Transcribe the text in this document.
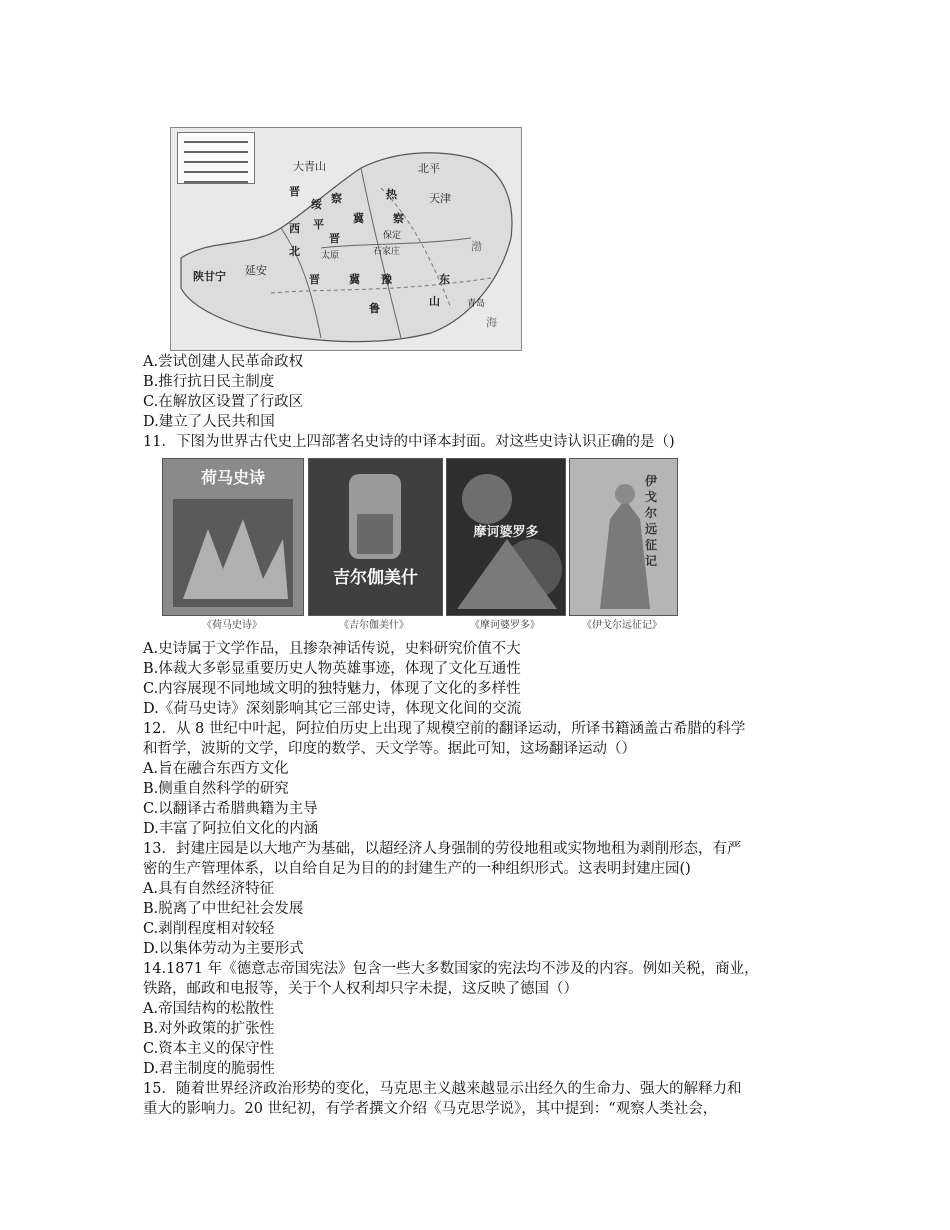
大青山
晋
绥 察	热
冀
西
北
平
晋
察
北平
天津
延安
陕甘宁	晋	冀
鲁
豫
山
东
青岛
太原	石家庄
保定
渤
海
A.尝试创建人民革命政权
B.推行抗日民主制度
C.在解放区设置了行政区
D.建立了人民共和国
11．下图为世界古代史上四部著名史诗的中译本封面。对这些史诗认识正确的是（)
荷马史诗
《荷马史诗》
吉尔伽美什
《吉尔伽美什》
摩诃婆罗多
《摩诃婆罗多》
伊戈尔远征记
《伊戈尔远征记》
A.史诗属于文学作品，且掺杂神话传说，史料研究价值不大
B.体裁大多彰显重要历史人物英雄事迹，体现了文化互通性
C.内容展现不同地域文明的独特魅力，体现了文化的多样性
D.《荷马史诗》深刻影响其它三部史诗，体现文化间的交流
12．从 8 世纪中叶起，阿拉伯历史上出现了规模空前的翻译运动，所译书籍涵盖古希腊的科学
和哲学，波斯的文学，印度的数学、天文学等。据此可知，这场翻译运动（）
A.旨在融合东西方文化
B.侧重自然科学的研究
C.以翻译古希腊典籍为主导
D.丰富了阿拉伯文化的内涵
13．封建庄园是以大地产为基础，以超经济人身强制的劳役地租或实物地租为剥削形态，有严
密的生产管理体系，以自给自足为目的的封建生产的一种组织形式。这表明封建庄园()
A.具有自然经济特征
B.脱离了中世纪社会发展
C.剥削程度相对较轻
D.以集体劳动为主要形式
14.1871 年《德意志帝国宪法》包含一些大多数国家的宪法均不涉及的内容。例如关税，商业，
铁路，邮政和电报等，关于个人权利却只字未提，这反映了德国（）
A.帝国结构的松散性
B.对外政策的扩张性
C.资本主义的保守性
D.君主制度的脆弱性
15．随着世界经济政治形势的变化，马克思主义越来越显示出经久的生命力、强大的解释力和
重大的影响力。20 世纪初，有学者撰文介绍《马克思学说》，其中提到：“观察人类社会，
